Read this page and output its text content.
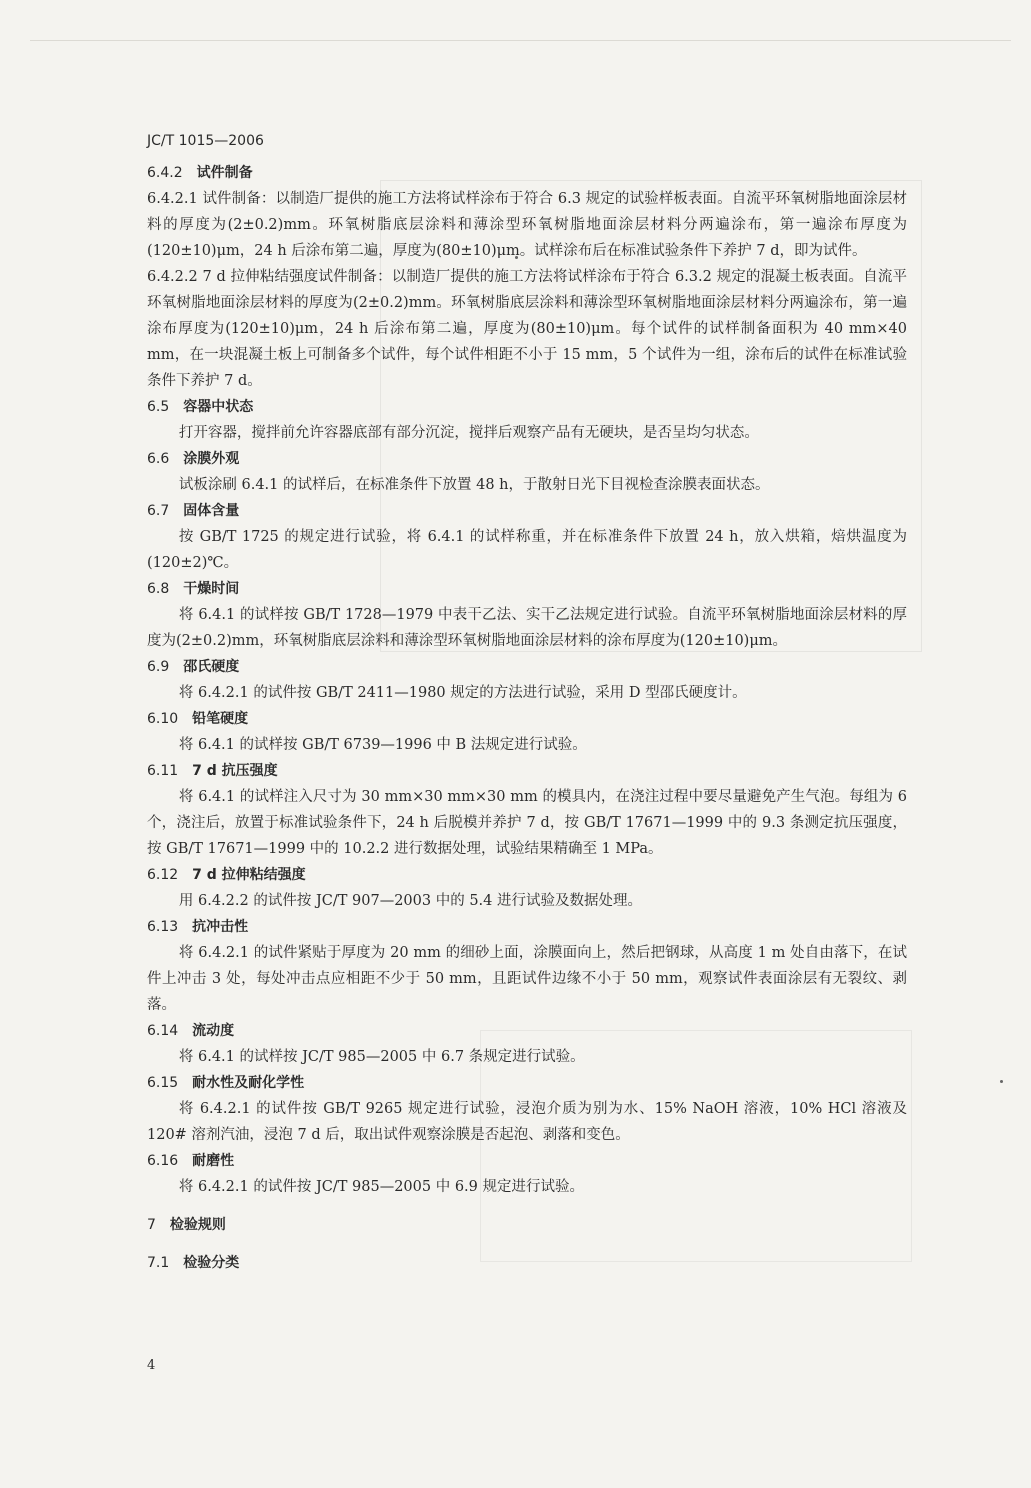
JC/T 1015—2006
6.4.2 试件制备

6.4.2.1 试件制备：以制造厂提供的施工方法将试样涂布于符合 6.3 规定的试验样板表面。自流平环氧树脂地面涂层材料的厚度为(2±0.2)mm。环氧树脂底层涂料和薄涂型环氧树脂地面涂层材料分两遍涂布，第一遍涂布厚度为(120±10)μm，24 h 后涂布第二遍，厚度为(80±10)μm。试样涂布后在标准试验条件下养护 7 d，即为试件。

6.4.2.2 7 d 拉伸粘结强度试件制备：以制造厂提供的施工方法将试样涂布于符合 6.3.2 规定的混凝土板表面。自流平环氧树脂地面涂层材料的厚度为(2±0.2)mm。环氧树脂底层涂料和薄涂型环氧树脂地面涂层材料分两遍涂布，第一遍涂布厚度为(120±10)μm，24 h 后涂布第二遍，厚度为(80±10)μm。每个试件的试样制备面积为 40 mm×40 mm，在一块混凝土板上可制备多个试件，每个试件相距不小于 15 mm，5 个试件为一组，涂布后的试件在标准试验条件下养护 7 d。

6.5 容器中状态

打开容器，搅拌前允许容器底部有部分沉淀，搅拌后观察产品有无硬块，是否呈均匀状态。

6.6 涂膜外观

试板涂刷 6.4.1 的试样后，在标准条件下放置 48 h，于散射日光下目视检查涂膜表面状态。

6.7 固体含量

按 GB/T 1725 的规定进行试验，将 6.4.1 的试样称重，并在标准条件下放置 24 h，放入烘箱，焙烘温度为(120±2)℃。

6.8 干燥时间

将 6.4.1 的试样按 GB/T 1728—1979 中表干乙法、实干乙法规定进行试验。自流平环氧树脂地面涂层材料的厚度为(2±0.2)mm，环氧树脂底层涂料和薄涂型环氧树脂地面涂层材料的涂布厚度为(120±10)μm。

6.9 邵氏硬度

将 6.4.2.1 的试件按 GB/T 2411—1980 规定的方法进行试验，采用 D 型邵氏硬度计。

6.10 铅笔硬度

将 6.4.1 的试样按 GB/T 6739—1996 中 B 法规定进行试验。

6.11 7 d 抗压强度

将 6.4.1 的试样注入尺寸为 30 mm×30 mm×30 mm 的模具内，在浇注过程中要尽量避免产生气泡。每组为 6 个，浇注后，放置于标准试验条件下，24 h 后脱模并养护 7 d，按 GB/T 17671—1999 中的 9.3 条测定抗压强度，按 GB/T 17671—1999 中的 10.2.2 进行数据处理，试验结果精确至 1 MPa。

6.12 7 d 拉伸粘结强度

用 6.4.2.2 的试件按 JC/T 907—2003 中的 5.4 进行试验及数据处理。

6.13 抗冲击性

将 6.4.2.1 的试件紧贴于厚度为 20 mm 的细砂上面，涂膜面向上，然后把钢球，从高度 1 m 处自由落下，在试件上冲击 3 处，每处冲击点应相距不少于 50 mm，且距试件边缘不小于 50 mm，观察试件表面涂层有无裂纹、剥落。

6.14 流动度

将 6.4.1 的试样按 JC/T 985—2005 中 6.7 条规定进行试验。

6.15 耐水性及耐化学性

将 6.4.2.1 的试件按 GB/T 9265 规定进行试验，浸泡介质为别为水、15% NaOH 溶液，10% HCl 溶液及 120# 溶剂汽油，浸泡 7 d 后，取出试件观察涂膜是否起泡、剥落和变色。

6.16 耐磨性

将 6.4.2.1 的试件按 JC/T 985—2005 中 6.9 规定进行试验。

7 检验规则
7.1 检验分类
4
